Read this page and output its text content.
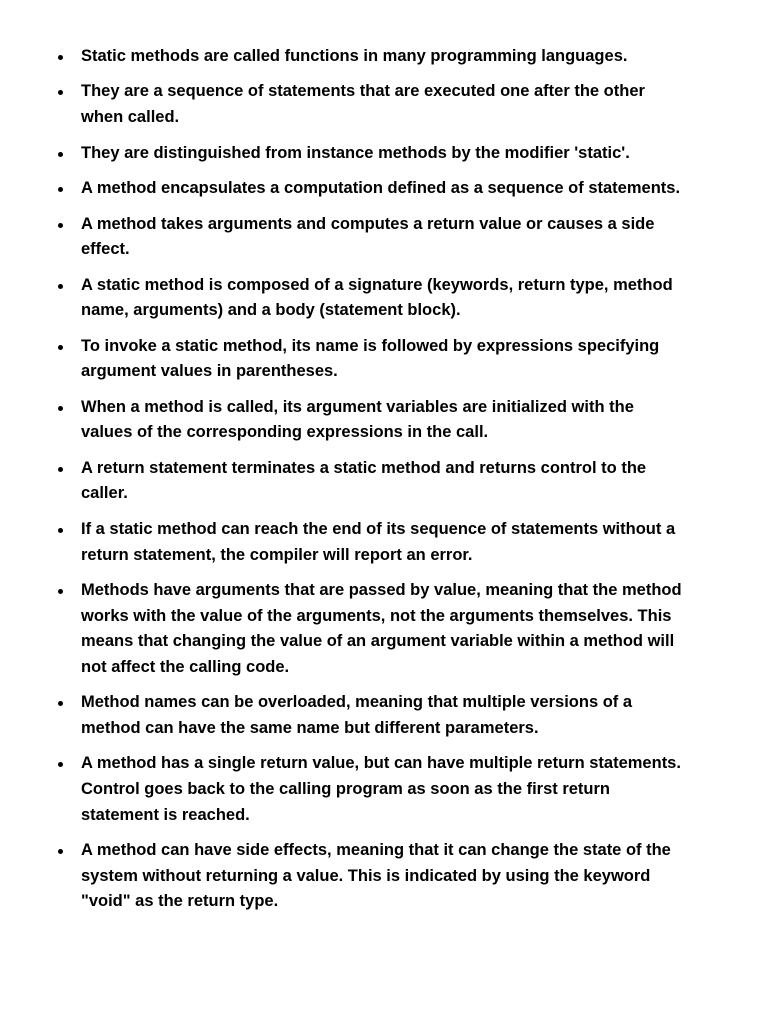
Static methods are called functions in many programming languages.
They are a sequence of statements that are executed one after the other when called.
They are distinguished from instance methods by the modifier 'static'.
A method encapsulates a computation defined as a sequence of statements.
A method takes arguments and computes a return value or causes a side effect.
A static method is composed of a signature (keywords, return type, method name, arguments) and a body (statement block).
To invoke a static method, its name is followed by expressions specifying argument values in parentheses.
When a method is called, its argument variables are initialized with the values of the corresponding expressions in the call.
A return statement terminates a static method and returns control to the caller.
If a static method can reach the end of its sequence of statements without a return statement, the compiler will report an error.
Methods have arguments that are passed by value, meaning that the method works with the value of the arguments, not the arguments themselves. This means that changing the value of an argument variable within a method will not affect the calling code.
Method names can be overloaded, meaning that multiple versions of a method can have the same name but different parameters.
A method has a single return value, but can have multiple return statements. Control goes back to the calling program as soon as the first return statement is reached.
A method can have side effects, meaning that it can change the state of the system without returning a value. This is indicated by using the keyword "void" as the return type.
